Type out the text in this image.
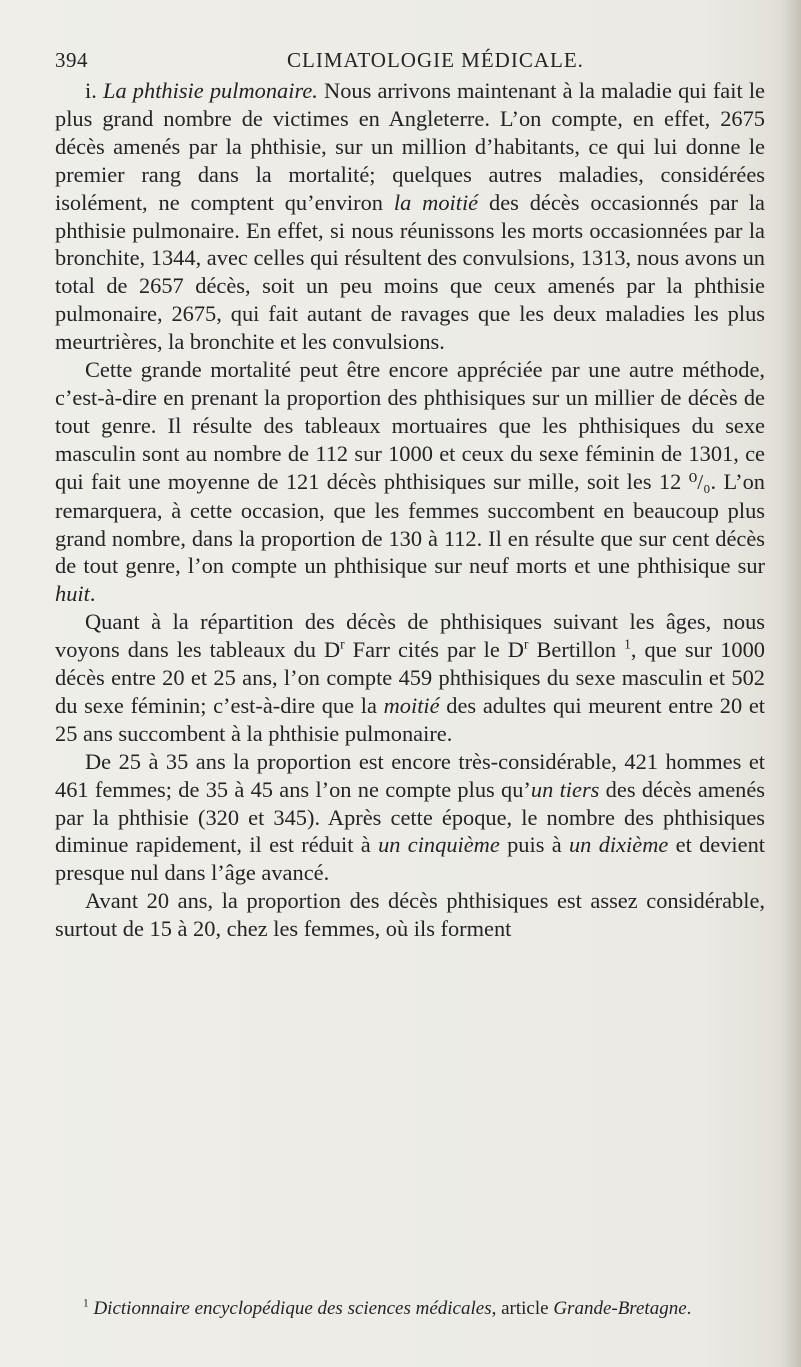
394	CLIMATOLOGIE MÉDICALE.

i. La phthisie pulmonaire. Nous arrivons maintenant à la maladie qui fait le plus grand nombre de victimes en Angleterre. L’on compte, en effet, 2675 décès amenés par la phthisie, sur un million d’habitants, ce qui lui donne le premier rang dans la mortalité; quelques autres maladies, considérées isolément, ne comptent qu’environ la moitié des décès occasionnés par la phthisie pulmonaire. En effet, si nous réunissons les morts occasionnées par la bronchite, 1344, avec celles qui résultent des convulsions, 1313, nous avons un total de 2657 décès, soit un peu moins que ceux amenés par la phthisie pulmonaire, 2675, qui fait autant de ravages que les deux maladies les plus meurtrières, la bronchite et les convulsions.

Cette grande mortalité peut être encore appréciée par une autre méthode, c’est-à-dire en prenant la proportion des phthisiques sur un millier de décès de tout genre. Il résulte des tableaux mortuaires que les phthisiques du sexe masculin sont au nombre de 112 sur 1000 et ceux du sexe féminin de 1301, ce qui fait une moyenne de 121 décès phthisiques sur mille, soit les 12 ⁰/₀. L’on remarquera, à cette occasion, que les femmes succombent en beaucoup plus grand nombre, dans la proportion de 130 à 112. Il en résulte que sur cent décès de tout genre, l’on compte un phthisique sur neuf morts et une phthisique sur huit.

Quant à la répartition des décès de phthisiques suivant les âges, nous voyons dans les tableaux du $D^r$ Farr cités par le $D^r$ Bertillon $^1$, que sur 1000 décès entre 20 et 25 ans, l’on compte 459 phthisiques du sexe masculin et 502 du sexe féminin; c’est-à-dire que la moitié des adultes qui meurent entre 20 et 25 ans succombent à la phthisie pulmonaire.

De 25 à 35 ans la proportion est encore très-considérable, 421 hommes et 461 femmes; de 35 à 45 ans l’on ne compte plus qu’un tiers des décès amenés par la phthisie (320 et 345). Après cette époque, le nombre des phthisiques diminue rapidement, il est réduit à un cinquième puis à un dixième et devient presque nul dans l’âge avancé.

Avant 20 ans, la proportion des décès phthisiques est assez considérable, surtout de 15 à 20, chez les femmes, où ils forment

$^1$ Dictionnaire encyclopédique des sciences médicales, article Grande-Bretagne.
